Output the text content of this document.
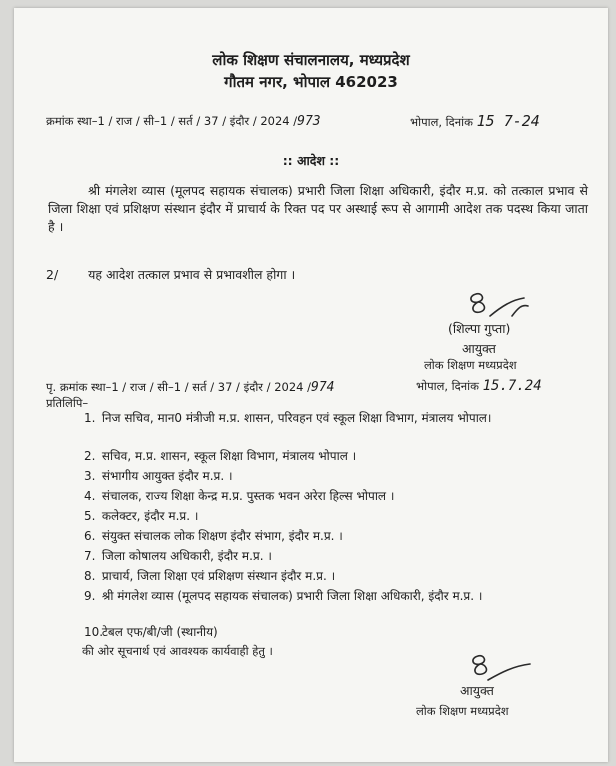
लोक शिक्षण संचालनालय, मध्यप्रदेश
गौतम नगर, भोपाल 462023
क्रमांक स्था–1 / राज / सी–1 / सर्त / 37 / इंदौर / 2024 /973	भोपाल, दिनांक 15 7-24
:: आदेश ::
श्री मंगलेश व्यास (मूलपद सहायक संचालक) प्रभारी जिला शिक्षा अधिकारी, इंदौर म.प्र. को तत्काल प्रभाव से जिला शिक्षा एवं प्रशिक्षण संस्थान इंदौर में प्राचार्य के रिक्त पद पर अस्थाई रूप से आगामी आदेश तक पदस्थ किया जाता है ।
2/ यह आदेश तत्काल प्रभाव से प्रभावशील होगा ।
(शिल्पा गुप्ता)
आयुक्त
लोक शिक्षण मध्यप्रदेश
पृ. क्रमांक स्था–1 / राज / सी–1 / सर्त / 37 / इंदौर / 2024 /974	भोपाल, दिनांक 15.7.24
प्रतिलिपि–
1. निज सचिव, मान0 मंत्रीजी म.प्र. शासन, परिवहन एवं स्कूल शिक्षा विभाग, मंत्रालय भोपाल।
2. सचिव, म.प्र. शासन, स्कूल शिक्षा विभाग, मंत्रालय भोपाल ।
3. संभागीय आयुक्त इंदौर म.प्र. ।
4. संचालक, राज्य शिक्षा केन्द्र म.प्र. पुस्तक भवन अरेरा हिल्स भोपाल ।
5. कलेक्टर, इंदौर म.प्र. ।
6. संयुक्त संचालक लोक शिक्षण इंदौर संभाग, इंदौर म.प्र. ।
7. जिला कोषालय अधिकारी, इंदौर म.प्र. ।
8. प्राचार्य, जिला शिक्षा एवं प्रशिक्षण संस्थान इंदौर म.प्र. ।
9. श्री मंगलेश व्यास (मूलपद सहायक संचालक) प्रभारी जिला शिक्षा अधिकारी, इंदौर म.प्र. ।
10. टेबल एफ/बी/जी (स्थानीय)
की ओर सूचनार्थ एवं आवश्यक कार्यवाही हेतु ।
आयुक्त
लोक शिक्षण मध्यप्रदेश
